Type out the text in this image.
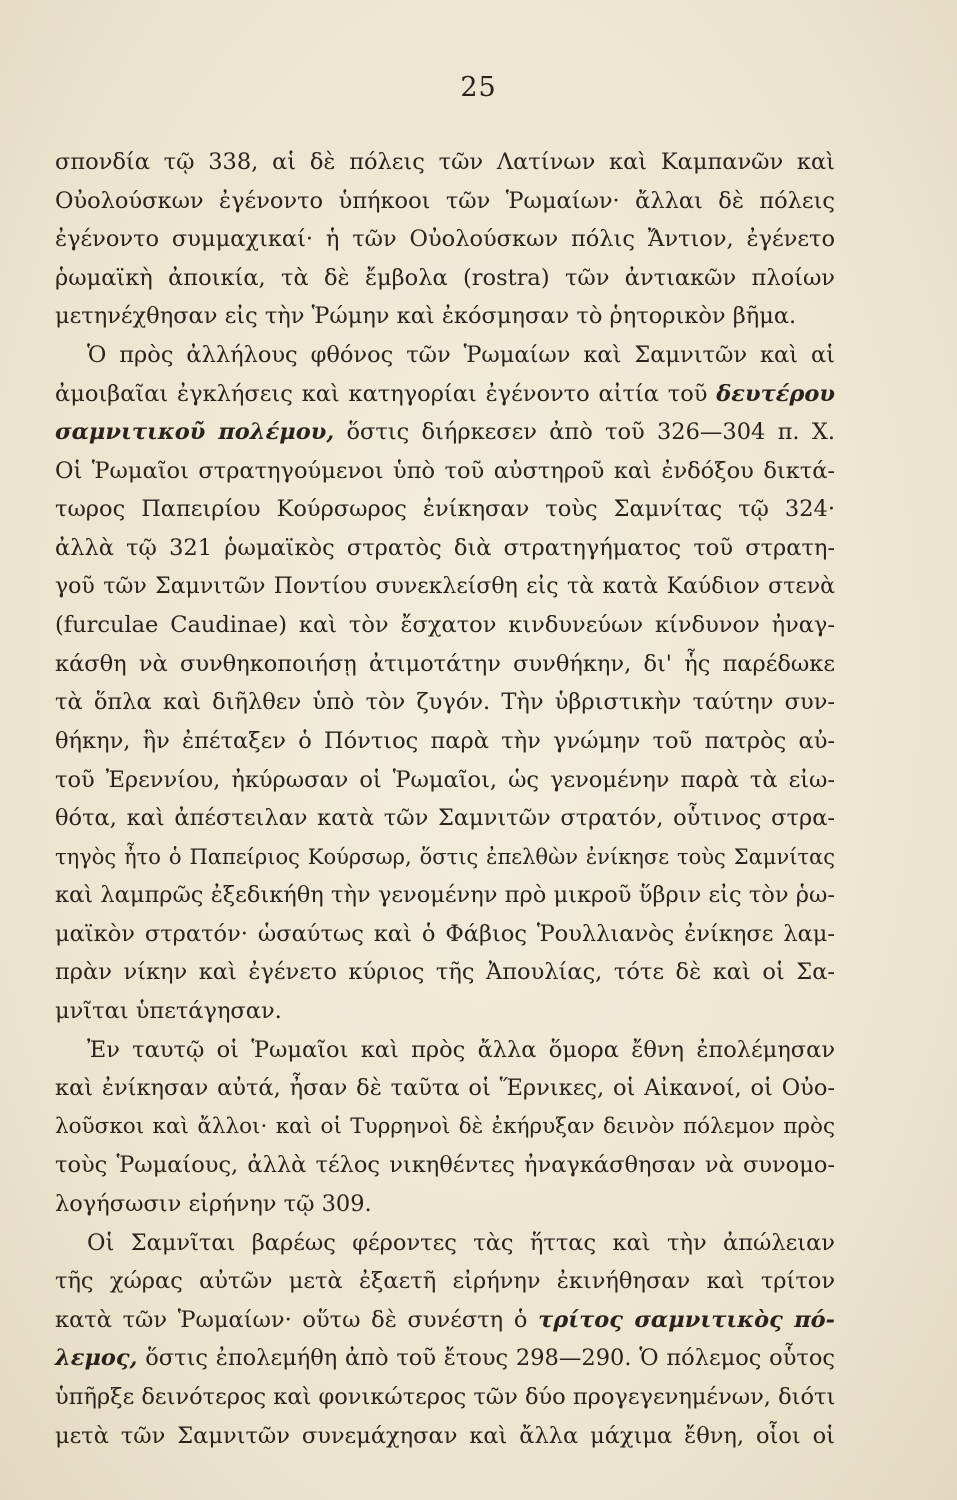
25
σπονδία τῷ 338, αἱ δὲ πόλεις τῶν Λατίνων καὶ Καμπανῶν καὶ
Οὐολούσκων ἐγένοντο ὑπήκοοι τῶν Ῥωμαίων· ἄλλαι δὲ πόλεις
ἐγένοντο συμμαχικαί· ἡ τῶν Οὐολούσκων πόλις Ἄντιον, ἐγένετο
ῥωμαϊκὴ ἀποικία, τὰ δὲ ἔμβολα (rostra) τῶν ἀντιακῶν πλοίων
μετηνέχθησαν εἰς τὴν Ῥώμην καὶ ἐκόσμησαν τὸ ῥητορικὸν βῆμα.
Ὁ πρὸς ἀλλήλους φθόνος τῶν Ῥωμαίων καὶ Σαμνιτῶν καὶ αἱ
ἀμοιβαῖαι ἐγκλήσεις καὶ κατηγορίαι ἐγένοντο αἰτία τοῦ δευτέρου
σαμνιτικοῦ πολέμου, ὅστις διήρκεσεν ἀπὸ τοῦ 326—304 π. Χ.
Οἱ Ῥωμαῖοι στρατηγούμενοι ὑπὸ τοῦ αὐστηροῦ καὶ ἐνδόξου δικτά-
τωρος Παπειρίου Κούρσωρος ἐνίκησαν τοὺς Σαμνίτας τῷ 324·
ἀλλὰ τῷ 321 ῥωμαϊκὸς στρατὸς διὰ στρατηγήματος τοῦ στρατη-
γοῦ τῶν Σαμνιτῶν Ποντίου συνεκλείσθη εἰς τὰ κατὰ Καύδιον στενὰ
(furculae Caudinae) καὶ τὸν ἔσχατον κινδυνεύων κίνδυνον ἠναγ-
κάσθη νὰ συνθηκοποιήσῃ ἀτιμοτάτην συνθήκην, δι' ἧς παρέδωκε
τὰ ὅπλα καὶ διῆλθεν ὑπὸ τὸν ζυγόν. Τὴν ὑβριστικὴν ταύτην συν-
θήκην, ἣν ἐπέταξεν ὁ Πόντιος παρὰ τὴν γνώμην τοῦ πατρὸς αὐ-
τοῦ Ἐρεννίου, ἠκύρωσαν οἱ Ῥωμαῖοι, ὡς γενομένην παρὰ τὰ εἰω-
θότα, καὶ ἀπέστειλαν κατὰ τῶν Σαμνιτῶν στρατόν, οὗτινος στρα-
τηγὸς ἦτο ὁ Παπείριος Κούρσωρ, ὅστις ἐπελθὼν ἐνίκησε τοὺς Σαμνίτας
καὶ λαμπρῶς ἐξεδικήθη τὴν γενομένην πρὸ μικροῦ ὕβριν εἰς τὸν ῥω-
μαϊκὸν στρατόν· ὡσαύτως καὶ ὁ Φάβιος Ῥουλλιανὸς ἐνίκησε λαμ-
πρὰν νίκην καὶ ἐγένετο κύριος τῆς Ἀπουλίας, τότε δὲ καὶ οἱ Σα-
μνῖται ὑπετάγησαν.
Ἐν ταυτῷ οἱ Ῥωμαῖοι καὶ πρὸς ἄλλα ὅμορα ἔθνη ἐπολέμησαν
καὶ ἐνίκησαν αὐτά, ἦσαν δὲ ταῦτα οἱ Ἕρνικες, οἱ Αἰκανοί, οἱ Οὐο-
λοῦσκοι καὶ ἄλλοι· καὶ οἱ Τυρρηνοὶ δὲ ἐκήρυξαν δεινὸν πόλεμον πρὸς
τοὺς Ῥωμαίους, ἀλλὰ τέλος νικηθέντες ἠναγκάσθησαν νὰ συνομο-
λογήσωσιν εἰρήνην τῷ 309.
Οἱ Σαμνῖται βαρέως φέροντες τὰς ἥττας καὶ τὴν ἀπώλειαν
τῆς χώρας αὐτῶν μετὰ ἐξαετῆ εἰρήνην ἐκινήθησαν καὶ τρίτον
κατὰ τῶν Ῥωμαίων· οὕτω δὲ συνέστη ὁ τρίτος σαμνιτικὸς πό-
λεμος, ὅστις ἐπολεμήθη ἀπὸ τοῦ ἔτους 298—290. Ὁ πόλεμος οὗτος
ὑπῆρξε δεινότερος καὶ φονικώτερος τῶν δύο προγεγενημένων, διότι
μετὰ τῶν Σαμνιτῶν συνεμάχησαν καὶ ἄλλα μάχιμα ἔθνη, οἷοι οἱ
